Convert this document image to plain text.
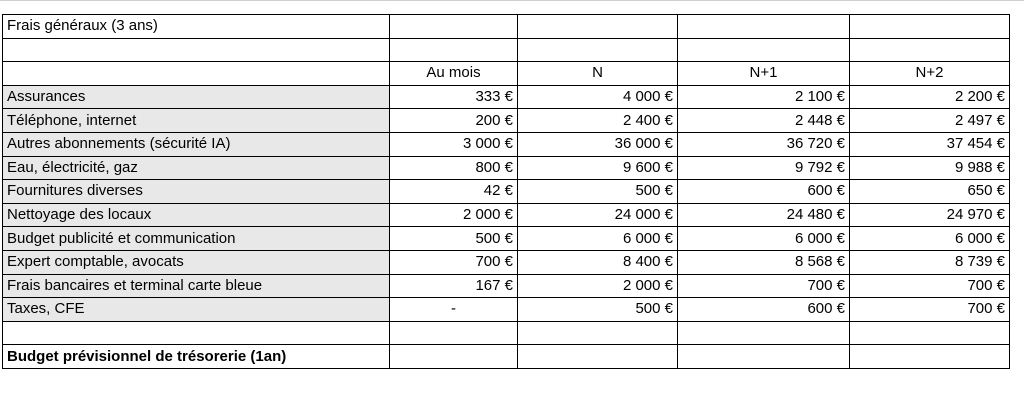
Frais généraux (3 ans)				

	Au mois	N	N+1	N+2
Assurances	333 €	4 000 €	2 100 €	2 200 €
Téléphone, internet	200 €	2 400 €	2 448 €	2 497 €
Autres abonnements (sécurité IA)	3 000 €	36 000 €	36 720 €	37 454 €
Eau, électricité, gaz	800 €	9 600 €	9 792 €	9 988 €
Fournitures diverses	42 €	500 €	600 €	650 €
Nettoyage des locaux	2 000 €	24 000 €	24 480 €	24 970 €
Budget publicité et communication	500 €	6 000 €	6 000 €	6 000 €
Expert comptable, avocats	700 €	8 400 €	8 568 €	8 739 €
Frais bancaires et terminal carte bleue	167 €	2 000 €	700 €	700 €
Taxes, CFE	-	500 €	600 €	700 €

Budget prévisionnel de trésorerie (1an)				
